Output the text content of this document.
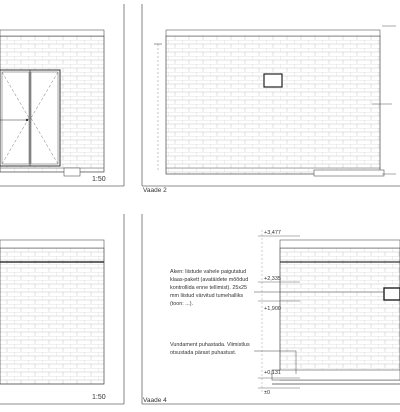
1:50
Vaade 2
1:50
+3,477
+2,335
+1,900
+0,131
±0
Aken: liistude vahele paigutatud
klaas-pakett (avatäidete mõõdud
kontrollida enne tellimist). 25x25
mm liistud värvitud tumehalliks
(toon: ...).
Vundament puhastada. Viimistlus
otsustada pärast puhastust.
Vaade 4
